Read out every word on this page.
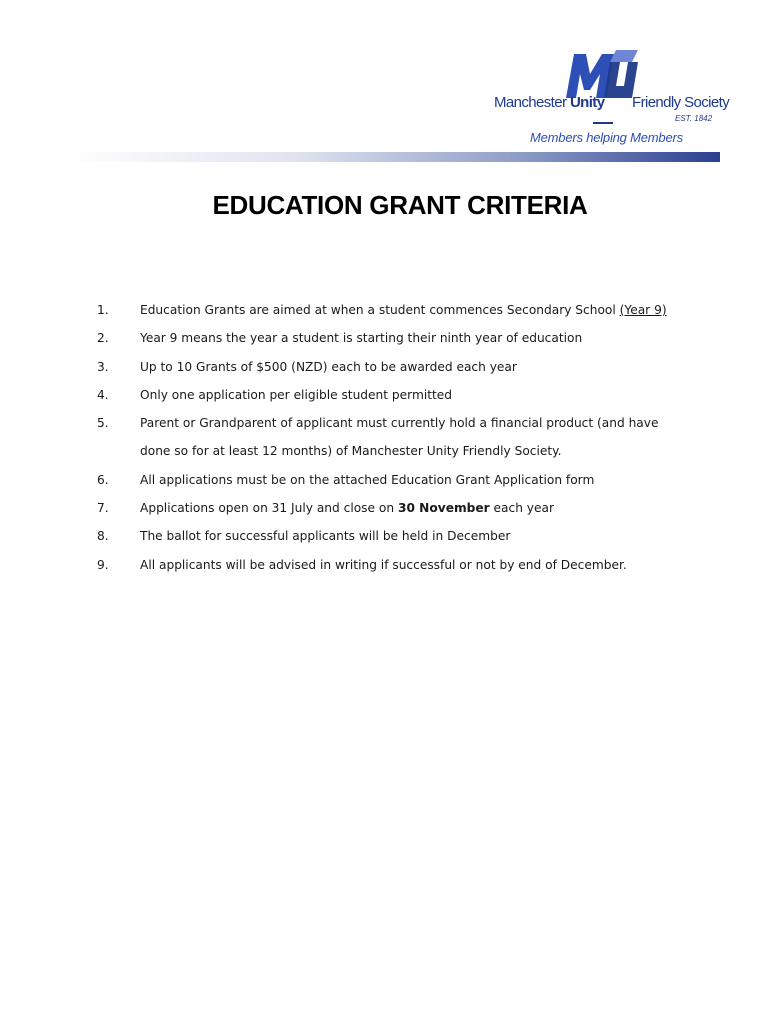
Manchester Unity Friendly Society
EST. 1842
Members helping Members
EDUCATION GRANT CRITERIA
1.	Education Grants are aimed at when a student commences Secondary School (Year 9)
2.	Year 9 means the year a student is starting their ninth year of education
3.	Up to 10 Grants of $500 (NZD) each to be awarded each year
4.	Only one application per eligible student permitted
5.	Parent or Grandparent of applicant must currently hold a financial product (and have
done so for at least 12 months) of Manchester Unity Friendly Society.
6.	All applications must be on the attached Education Grant Application form
7.	Applications open on 31 July and close on 30 November each year
8.	The ballot for successful applicants will be held in December
9.	All applicants will be advised in writing if successful or not by end of December.
